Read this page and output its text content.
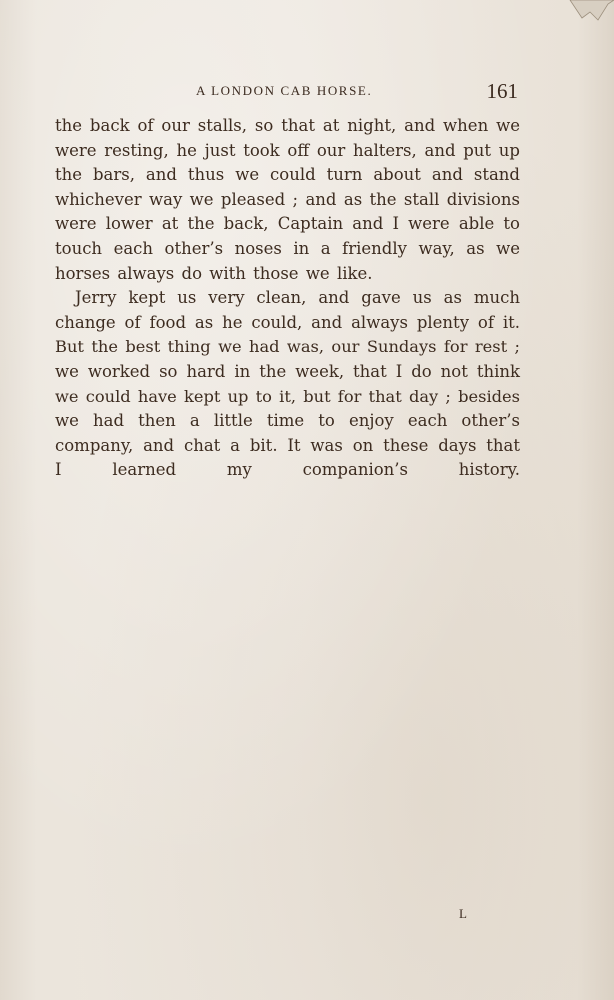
A LONDON CAB HORSE.	161
the back of our stalls, so that at night, and when we
were resting, he just took off our halters, and put up
the bars, and thus we could turn about and stand
whichever way we pleased ; and as the stall divisions
were lower at the back, Captain and I were able to
touch each other’s noses in a friendly way, as we
horses always do with those we like.
Jerry kept us very clean, and gave us as much
change of food as he could, and always plenty of it.
But the best thing we had was, our Sundays for rest ;
we worked so hard in the week, that I do not think
we could have kept up to it, but for that day ; besides
we had then a little time to enjoy each other’s
company, and chat a bit. It was on these days that
I learned my companion’s history.
L
